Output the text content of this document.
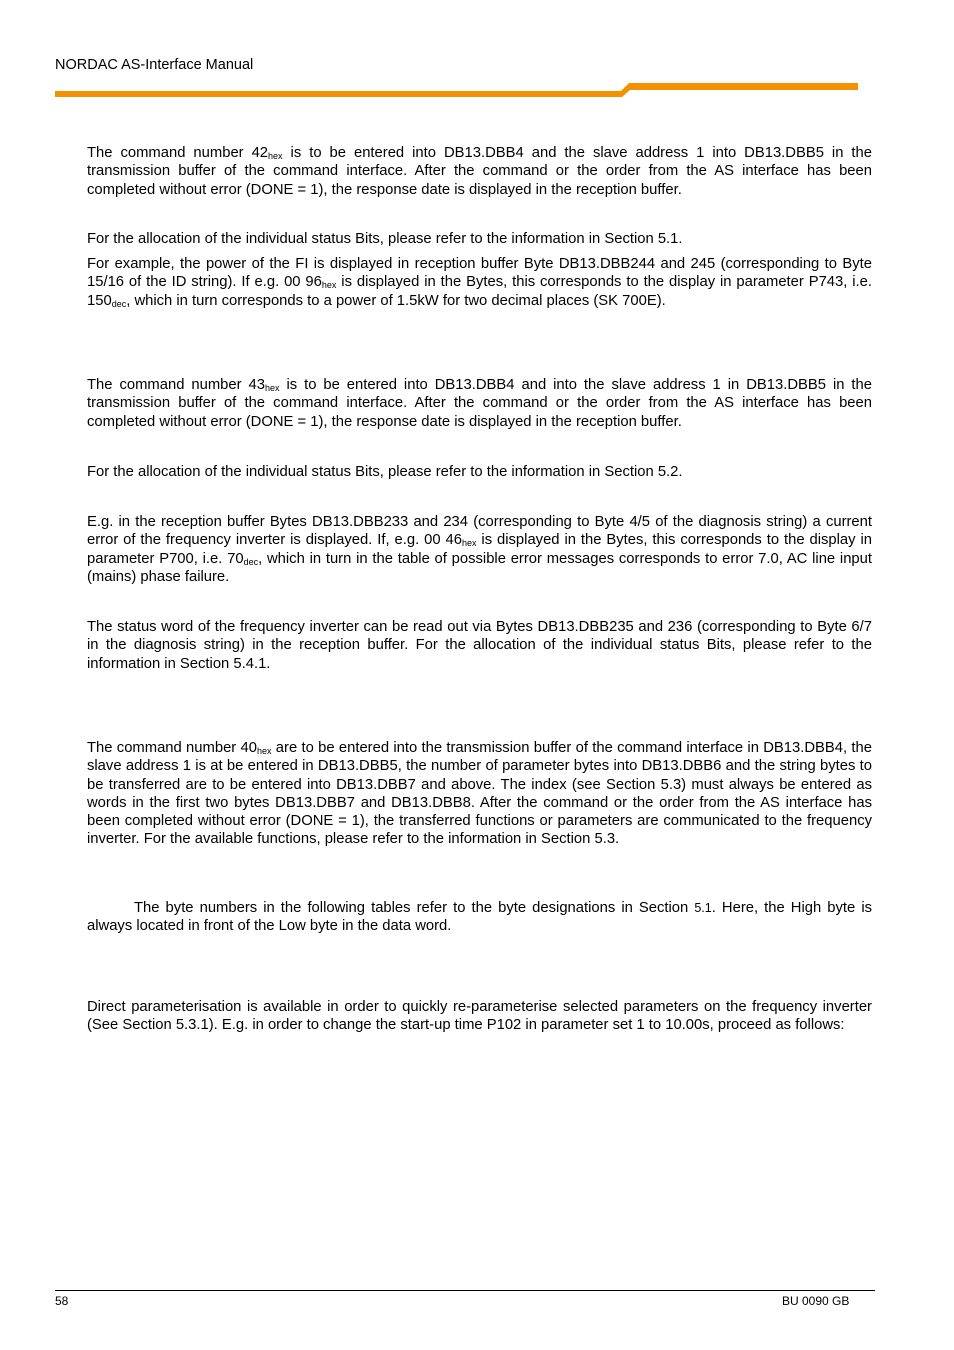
NORDAC AS-Interface Manual
The command number $42_{hex}$ is to be entered into DB13.DBB4 and the slave address 1 into DB13.DBB5 in the transmission buffer of the command interface. After the command or the order from the AS interface has been completed without error (DONE = 1), the response date is displayed in the reception buffer.
For the allocation of the individual status Bits, please refer to the information in Section 5.1.
For example, the power of the FI is displayed in reception buffer Byte DB13.DBB244 and 245 (corresponding to Byte 15/16 of the ID string). If e.g. 00 $96_{hex}$ is displayed in the Bytes, this corresponds to the display in parameter P743, i.e. $150_{dec}$, which in turn corresponds to a power of 1.5kW for two decimal places (SK 700E).
The command number $43_{hex}$ is to be entered into DB13.DBB4 and into the slave address 1 in DB13.DBB5 in the transmission buffer of the command interface. After the command or the order from the AS interface has been completed without error (DONE = 1), the response date is displayed in the reception buffer.
For the allocation of the individual status Bits, please refer to the information in Section 5.2.
E.g. in the reception buffer Bytes DB13.DBB233 and 234 (corresponding to Byte 4/5 of the diagnosis string) a current error of the frequency inverter is displayed. If, e.g. 00 $46_{hex}$ is displayed in the Bytes, this corresponds to the display in parameter P700, i.e. $70_{dec}$, which in turn in the table of possible error messages corresponds to error 7.0, AC line input (mains) phase failure.
The status word of the frequency inverter can be read out via Bytes DB13.DBB235 and 236 (corresponding to Byte 6/7 in the diagnosis string) in the reception buffer. For the allocation of the individual status Bits, please refer to the information in Section 5.4.1.
The command number $40_{hex}$ are to be entered into the transmission buffer of the command interface in DB13.DBB4, the slave address 1 is at be entered in DB13.DBB5, the number of parameter bytes into DB13.DBB6 and the string bytes to be transferred are to be entered into DB13.DBB7 and above. The index (see Section 5.3) must always be entered as words in the first two bytes DB13.DBB7 and DB13.DBB8. After the command or the order from the AS interface has been completed without error (DONE = 1), the transferred functions or parameters are communicated to the frequency inverter. For the available functions, please refer to the information in Section 5.3.
The byte numbers in the following tables refer to the byte designations in Section 5.1. Here, the High byte is always located in front of the Low byte in the data word.
Direct parameterisation is available in order to quickly re-parameterise selected parameters on the frequency inverter (See Section 5.3.1). E.g. in order to change the start-up time P102 in parameter set 1 to 10.00s, proceed as follows:
58	BU 0090 GB
